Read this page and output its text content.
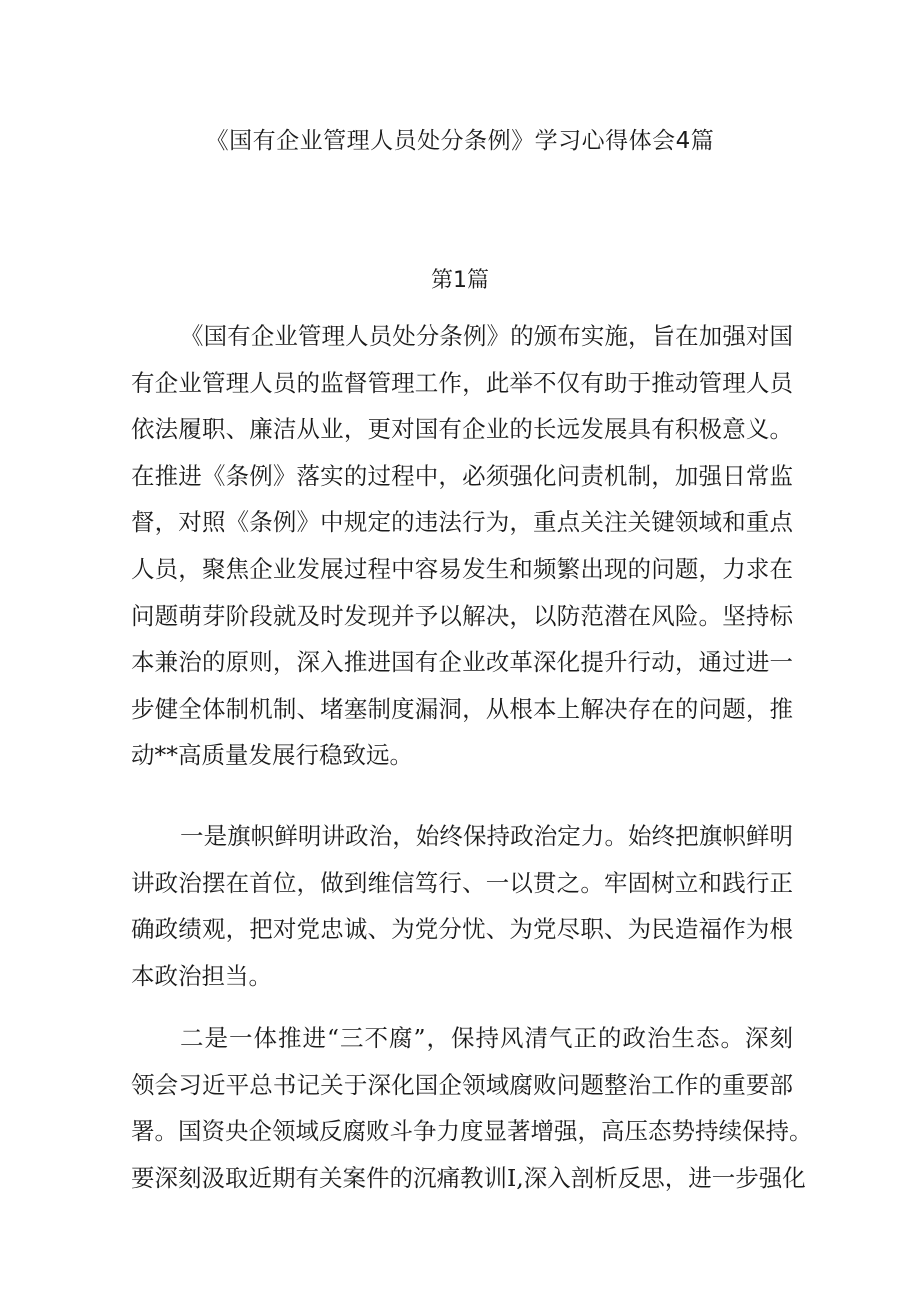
《国有企业管理人员处分条例》学习心得体会4篇
第1篇
《国有企业管理人员处分条例》的颁布实施，旨在加强对国
有企业管理人员的监督管理工作，此举不仅有助于推动管理人员
依法履职、廉洁从业，更对国有企业的长远发展具有积极意义。
在推进《条例》落实的过程中，必须强化问责机制，加强日常监
督，对照《条例》中规定的违法行为，重点关注关键领域和重点
人员，聚焦企业发展过程中容易发生和频繁出现的问题，力求在
问题萌芽阶段就及时发现并予以解决，以防范潜在风险。坚持标
本兼治的原则，深入推进国有企业改革深化提升行动，通过进一
步健全体制机制、堵塞制度漏洞，从根本上解决存在的问题，推
动**高质量发展行稳致远。
一是旗帜鲜明讲政治，始终保持政治定力。始终把旗帜鲜明
讲政治摆在首位，做到维信笃行、一以贯之。牢固树立和践行正
确政绩观，把对党忠诚、为党分忧、为党尽职、为民造福作为根
本政治担当。
二是一体推进“三不腐”，保持风清气正的政治生态。深刻
领会习近平总书记关于深化国企领域腐败问题整治工作的重要部
署。国资央企领域反腐败斗争力度显著增强，高压态势持续保持。
要深刻汲取近期有关案件的沉痛教训I,深入剖析反思，进一步强化
